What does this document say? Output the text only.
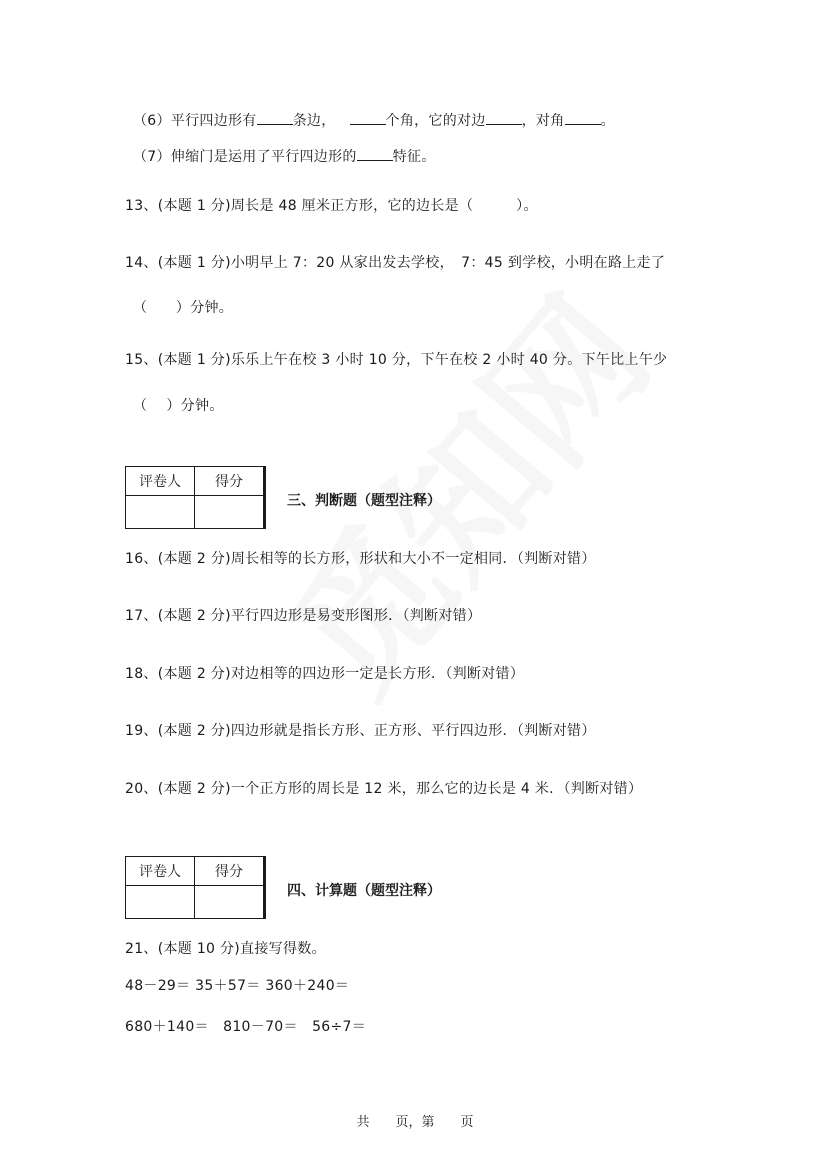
（6）平行四边形有	条边，	个角，它的对边	，对角	。
（7）伸缩门是运用了平行四边形的	特征。
13、(本题 1 分)周长是 48 厘米正方形，它的边长是（　　　）。
14、(本题 1 分)小明早上 7：20 从家出发去学校，　7：45 到学校，小明在路上走了
（　　）分钟。
15、(本题 1 分)乐乐上午在校 3 小时 10 分，下午在校 2 小时 40 分。下午比上午少
（　 ）分钟。
评卷人	得分

三、判断题（题型注释）
16、(本题 2 分)周长相等的长方形，形状和大小不一定相同．（判断对错）
17、(本题 2 分)平行四边形是易变形图形．（判断对错）
18、(本题 2 分)对边相等的四边形一定是长方形．（判断对错）
19、(本题 2 分)四边形就是指长方形、正方形、平行四边形．（判断对错）
20、(本题 2 分)一个正方形的周长是 12 米，那么它的边长是 4 米．（判断对错）
评卷人	得分

四、计算题（题型注释）
21、(本题 10 分)直接写得数。
48－29＝ 35＋57＝ 360＋240＝
680＋140＝　810－70＝　56÷7＝
共　　页，第　　页
